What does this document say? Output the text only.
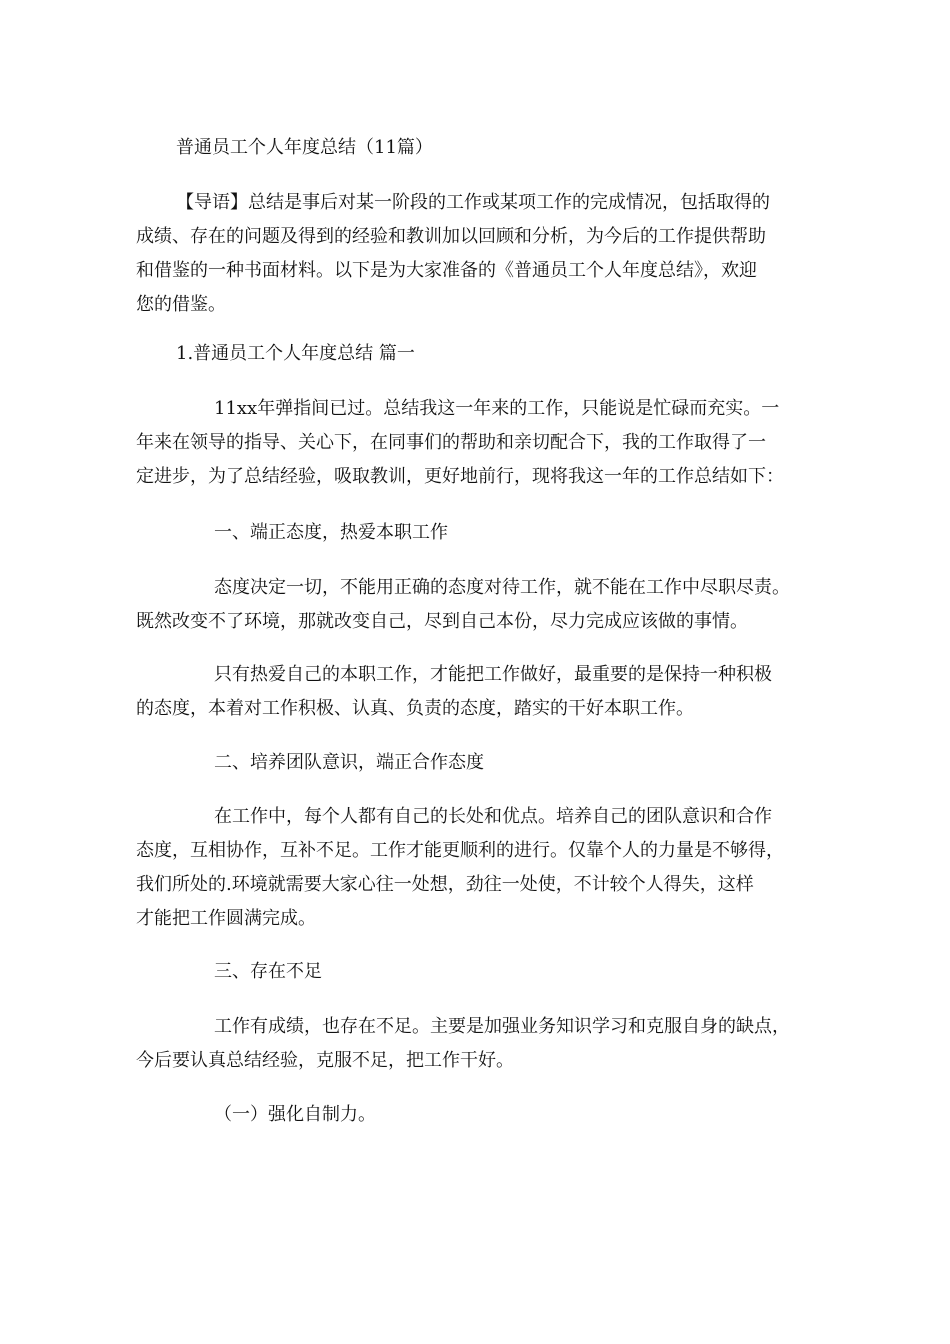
普通员工个人年度总结（11篇）
【导语】总结是事后对某一阶段的工作或某项工作的完成情况，包括取得的
成绩、存在的问题及得到的经验和教训加以回顾和分析，为今后的工作提供帮助
和借鉴的一种书面材料。以下是为大家准备的《普通员工个人年度总结》，欢迎
您的借鉴。
1.普通员工个人年度总结 篇一
11xx年弹指间已过。总结我这一年来的工作，只能说是忙碌而充实。一
年来在领导的指导、关心下，在同事们的帮助和亲切配合下，我的工作取得了一
定进步，为了总结经验，吸取教训，更好地前行，现将我这一年的工作总结如下：
一、端正态度，热爱本职工作
态度决定一切，不能用正确的态度对待工作，就不能在工作中尽职尽责。
既然改变不了环境，那就改变自己，尽到自己本份，尽力完成应该做的事情。
只有热爱自己的本职工作，才能把工作做好，最重要的是保持一种积极
的态度，本着对工作积极、认真、负责的态度，踏实的干好本职工作。
二、培养团队意识，端正合作态度
在工作中，每个人都有自己的长处和优点。培养自己的团队意识和合作
态度，互相协作，互补不足。工作才能更顺利的进行。仅靠个人的力量是不够得，
我们所处的.环境就需要大家心往一处想，劲往一处使，不计较个人得失，这样
才能把工作圆满完成。
三、存在不足
工作有成绩，也存在不足。主要是加强业务知识学习和克服自身的缺点，
今后要认真总结经验，克服不足，把工作干好。
（一）强化自制力。
